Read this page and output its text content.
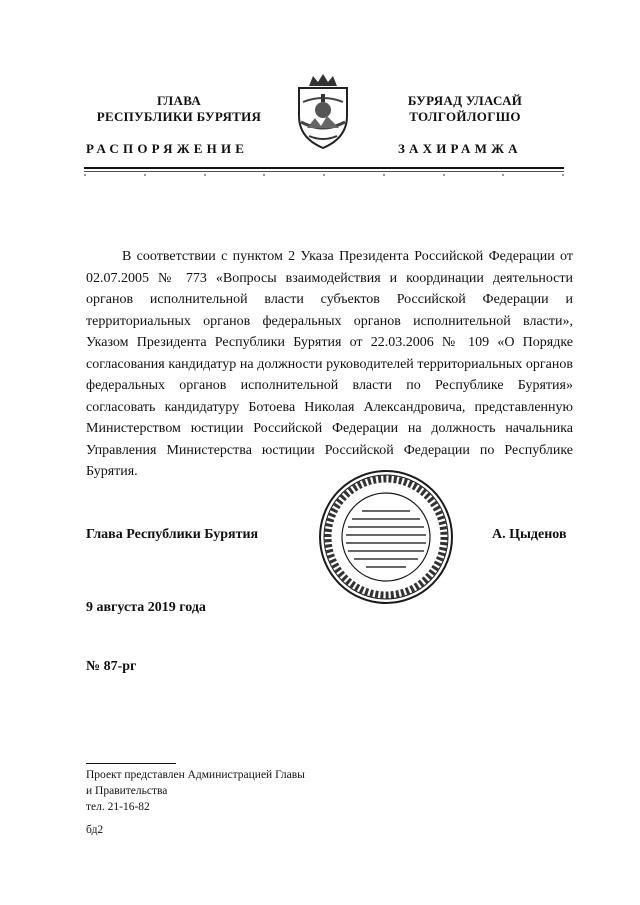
ГЛАВА
РЕСПУБЛИКИ БУРЯТИЯ
БУРЯАД УЛАСАЙ
ТОЛГОЙЛОГШО
РАСПОРЯЖЕНИЕ	ЗАХИРАМЖА
В соответствии с пунктом 2 Указа Президента Российской Федерации от 02.07.2005 № 773 «Вопросы взаимодействия и координации деятельности органов исполнительной власти субъектов Российской Федерации и территориальных органов федеральных органов исполнительной власти», Указом Президента Республики Бурятия от 22.03.2006 № 109 «О Порядке согласования кандидатур на должности руководителей территориальных органов федеральных органов исполнительной власти по Республике Бурятия» согласовать кандидатуру Ботоева Николая Александровича, представленную Министерством юстиции Российской Федерации на должность начальника Управления Министерства юстиции Российской Федерации по Республике Бурятия.
Глава Республики Бурятия	А. Цыденов
9 августа 2019 года
№ 87-рг
Проект представлен Администрацией Главы
и Правительства
тел. 21-16-82
бд2
